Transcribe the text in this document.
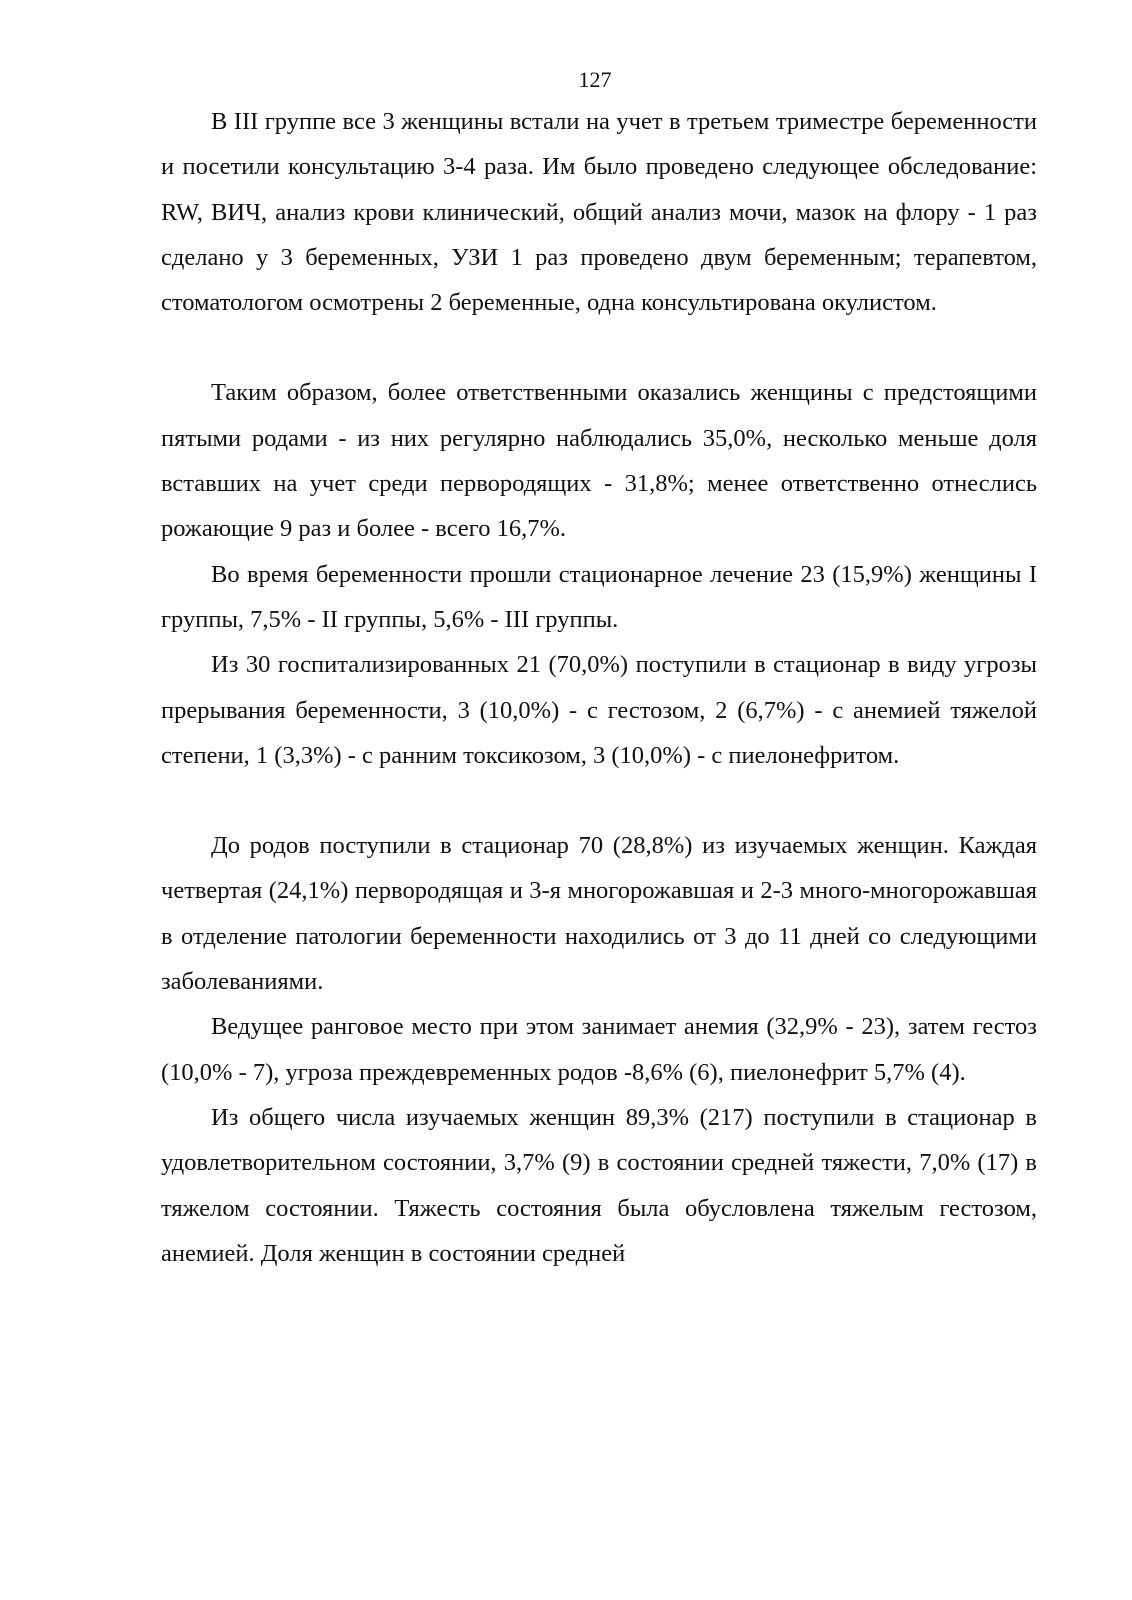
127

В III группе все 3 женщины встали на учет в третьем триместре беременности и посетили консультацию 3-4 раза. Им было проведено следующее обследование: RW, ВИЧ, анализ крови клинический, общий анализ мочи, мазок на флору - 1 раз сделано у 3 беременных, УЗИ 1 раз проведено двум беременным; терапевтом, стоматологом осмотрены 2 беременные, одна консультирована окулистом.

Таким образом, более ответственными оказались женщины с предстоящими пятыми родами - из них регулярно наблюдались 35,0%, несколько меньше доля вставших на учет среди первородящих - 31,8%; менее ответственно отнеслись рожающие 9 раз и более - всего 16,7%.

Во время беременности прошли стационарное лечение 23 (15,9%) женщины I группы, 7,5% - II группы, 5,6% - III группы.

Из 30 госпитализированных 21 (70,0%) поступили в стационар в виду угрозы прерывания беременности, 3 (10,0%) - с гестозом, 2 (6,7%) - с анемией тяжелой степени, 1 (3,3%) - с ранним токсикозом, 3 (10,0%) - с пиелонефритом.

До родов поступили в стационар 70 (28,8%) из изучаемых женщин. Каждая четвертая (24,1%) первородящая и 3-я многорожавшая и 2-3 много-многорожавшая в отделение патологии беременности находились от 3 до 11 дней со следующими заболеваниями.

Ведущее ранговое место при этом занимает анемия (32,9% - 23), затем гестоз (10,0% - 7), угроза преждевременных родов -8,6% (6), пиелонефрит 5,7% (4).

Из общего числа изучаемых женщин 89,3% (217) поступили в стационар в удовлетворительном состоянии, 3,7% (9) в состоянии средней тяжести, 7,0% (17) в тяжелом состоянии. Тяжесть состояния была обусловлена тяжелым гестозом, анемией. Доля женщин в состоянии средней
